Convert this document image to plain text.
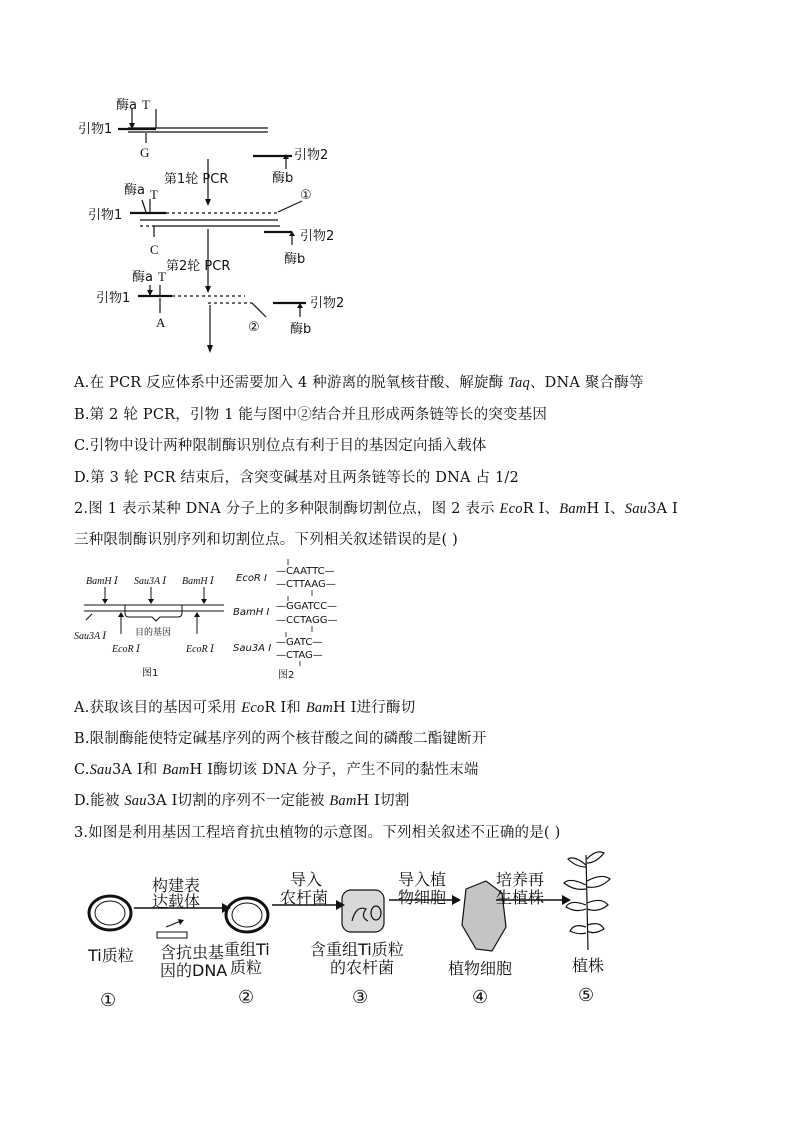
酶a T
引物1
G	引物2
酶b
第1轮 PCR
酶a T	①
引物1
C
引物2
酶b
第2轮 PCR
酶a T
引物1	引物2
A	② 酶b
A.在 PCR 反应体系中还需要加入 4 种游离的脱氧核苷酸、解旋酶 Taq、DNA 聚合酶等
B.第 2 轮 PCR，引物 1 能与图中②结合并且形成两条链等长的突变基因
C.引物中设计两种限制酶识别位点有利于目的基因定向插入载体
D.第 3 轮 PCR 结束后，含突变碱基对且两条链等长的 DNA 占 1/2
2.图 1 表示某种 DNA 分子上的多种限制酶切割位点，图 2 表示 EcoR Ⅰ、BamH Ⅰ、Sau3A Ⅰ
三种限制酶识别序列和切割位点。下列相关叙述错误的是( )
BamH Ⅰ Sau3A Ⅰ BamH Ⅰ
Sau3A Ⅰ
EcoR Ⅰ	EcoR Ⅰ
目的基因
图1
EcoR Ⅰ
—CAATTC—
—CTTAAG—
BamH Ⅰ
—GGATCC—
—CCTAGG—
Sau3A Ⅰ
—GATC—
—CTAG—
图2
A.获取该目的基因可采用 EcoR Ⅰ和 BamH Ⅰ进行酶切
B.限制酶能使特定碱基序列的两个核苷酸之间的磷酸二酯键断开
C.Sau3A Ⅰ和 BamH Ⅰ酶切该 DNA 分子，产生不同的黏性末端
D.能被 Sau3A Ⅰ切割的序列不一定能被 BamH Ⅰ切割
3.如图是利用基因工程培育抗虫植物的示意图。下列相关叙述不正确的是( )
构建表
达载体
Ti质粒 含抗虫基
因的DNA
重组Ti
质粒
导入
农杆菌
含重组Ti质粒
的农杆菌
导入植
物细胞
植物细胞
培养再
生植株
植株
①	②	③	④	⑤
